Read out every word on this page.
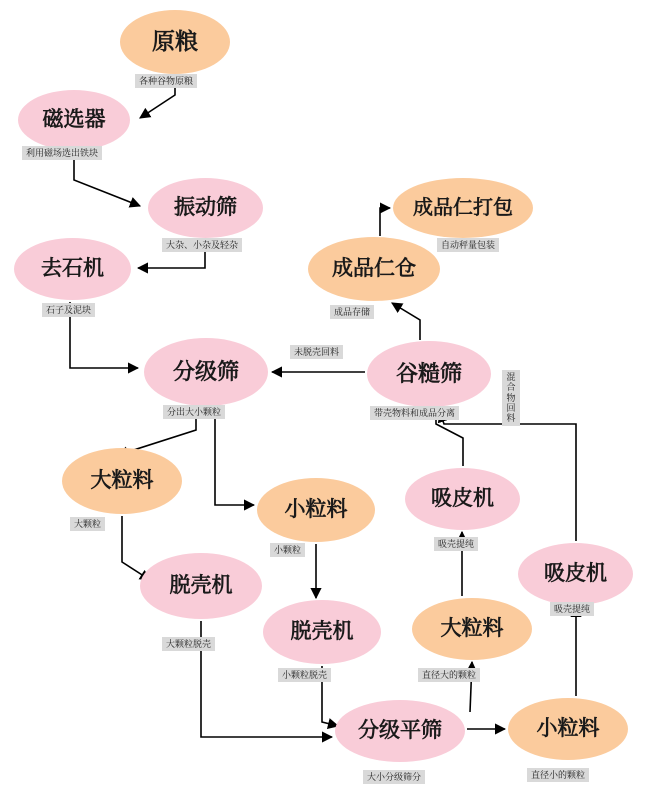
原粮
磁选器
振动筛
去石机
分级筛	谷糙筛
成品仁仓
成品仁打包
大粒料
小粒料
脱壳机
脱壳机
分级平筛	小粒料
大粒料
吸皮机
吸皮机
各种谷物原粮
利用磁场选出铁块
大杂、小杂及轻杂
石子及泥块
分出大小颗粒
未脱壳回料
带壳物料和成品分离
混合 物 回料
成品存储
自动秤量包装
大颗粒
小颗粒
大颗粒脱壳
小颗粒脱壳
大小分级筛分	直径小的颗粒
直径大的颗粒
吸壳提纯
吸壳提纯
